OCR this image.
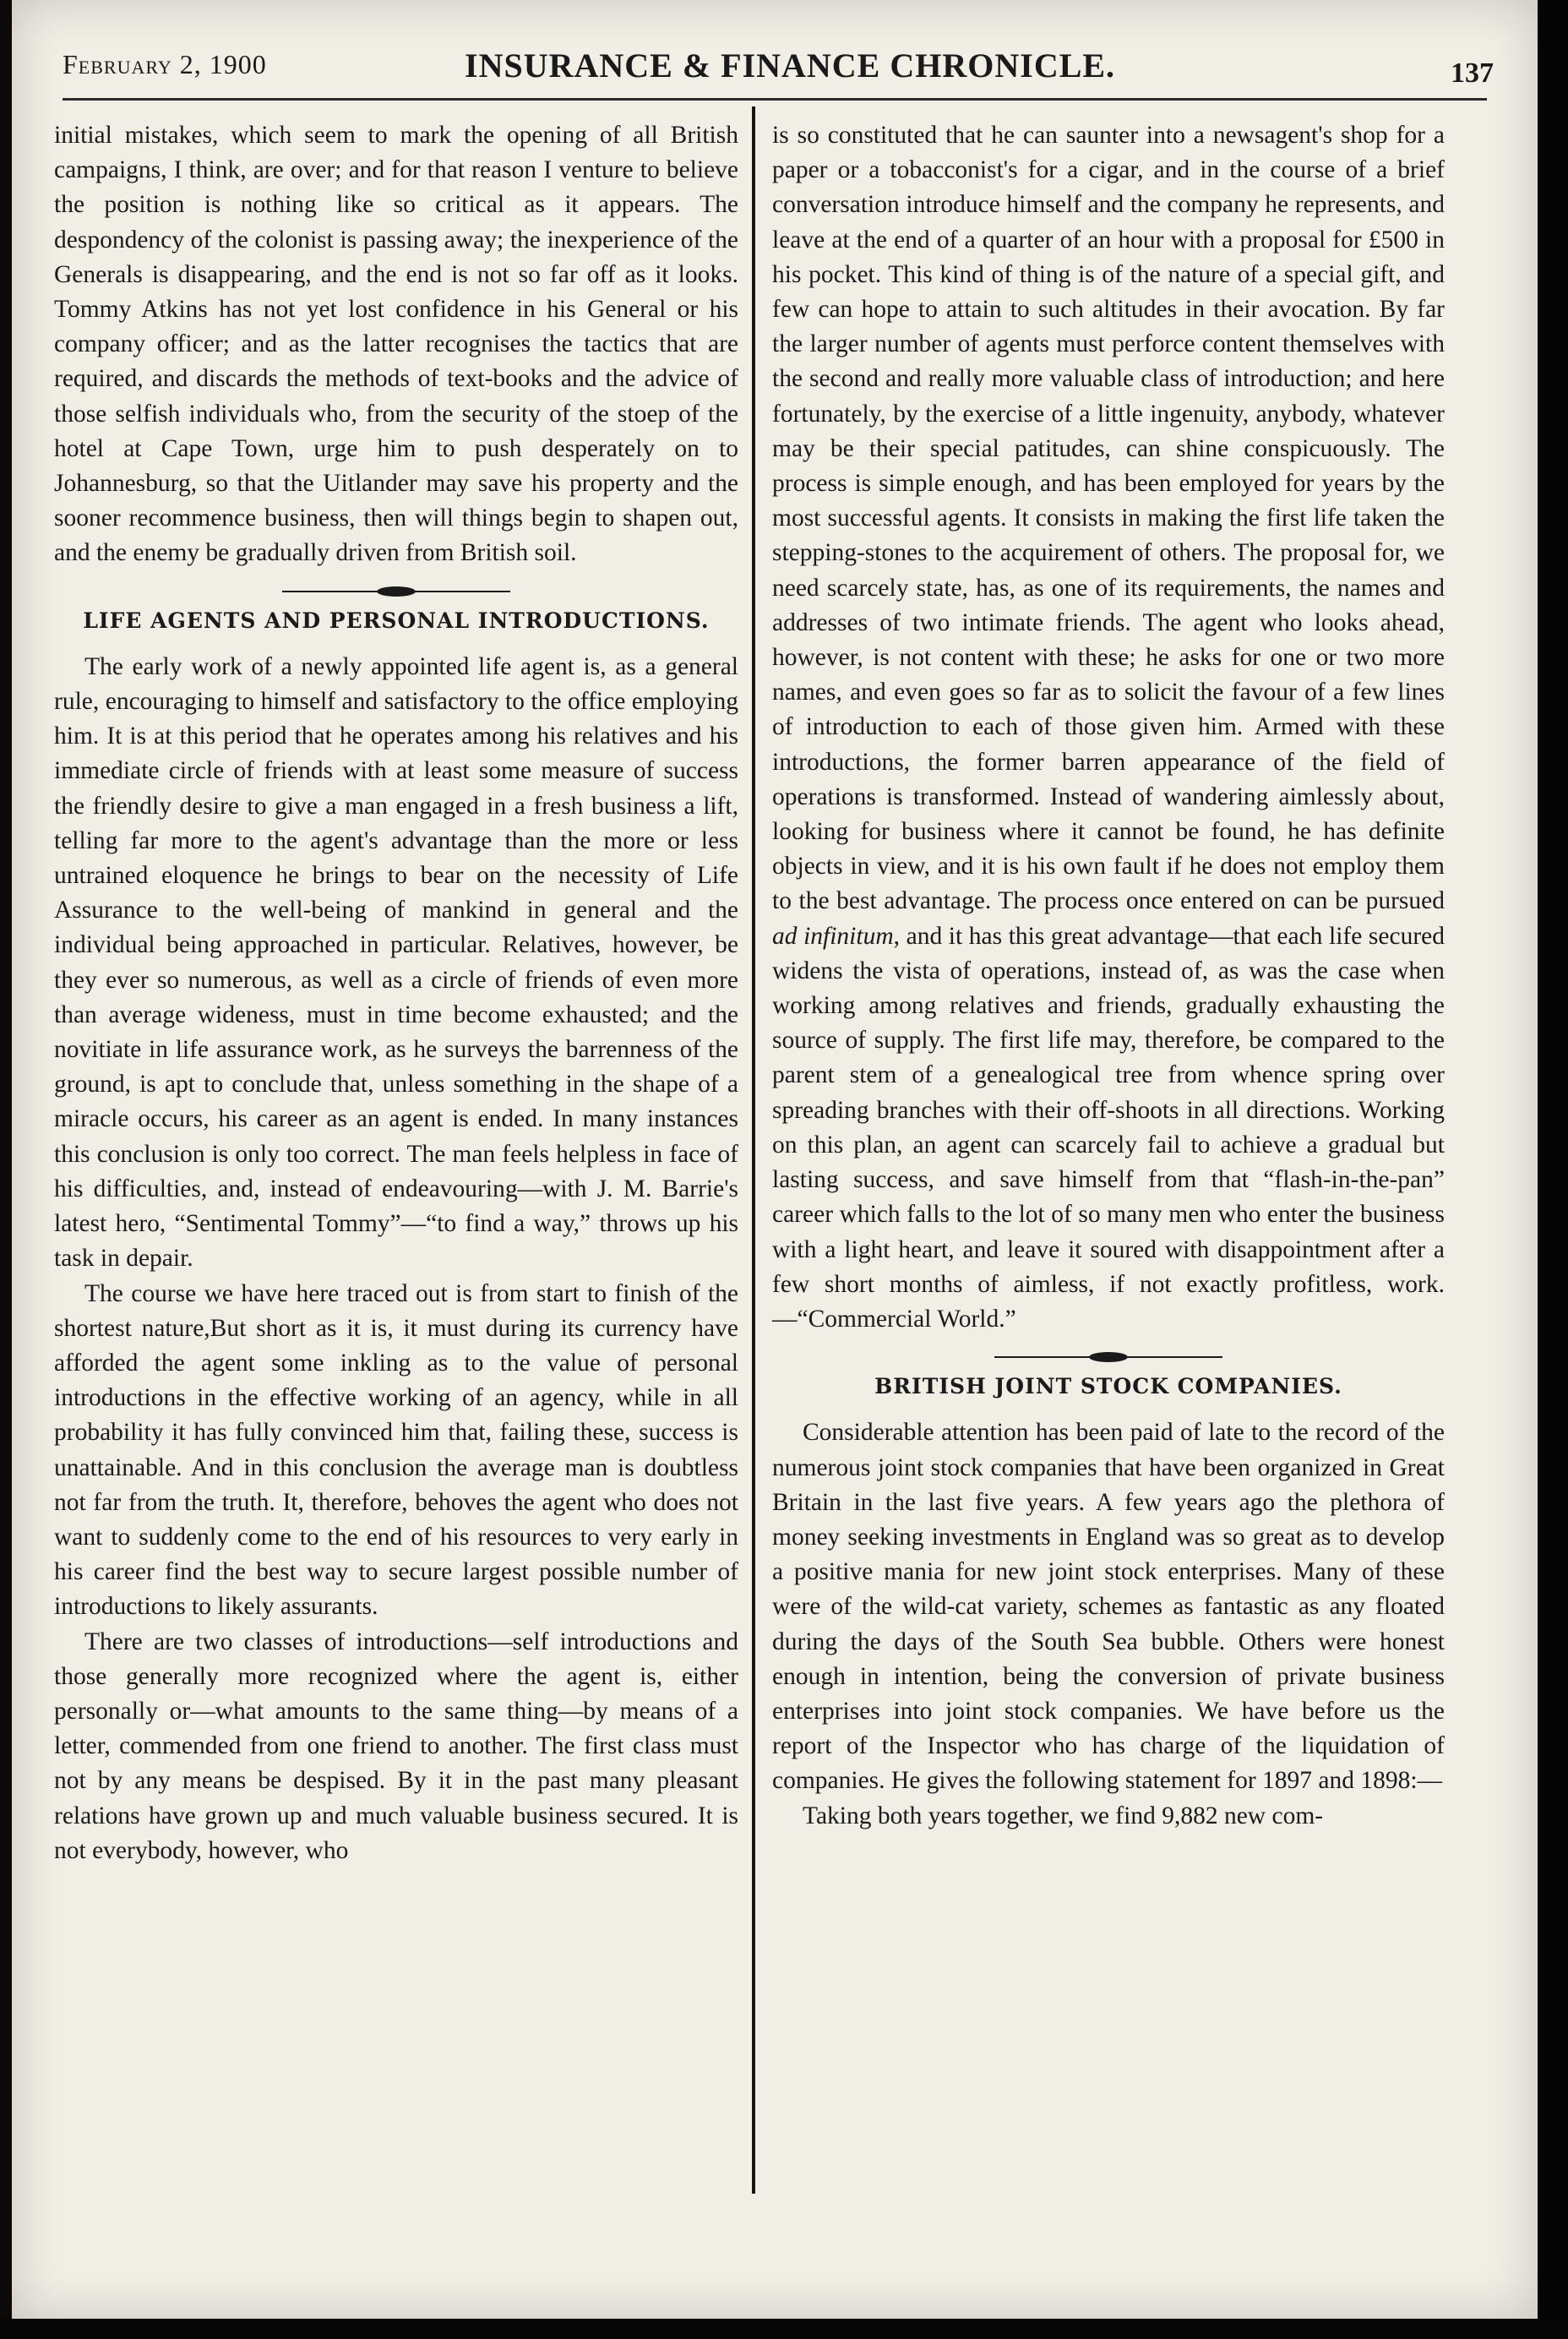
February 2, 1900	INSURANCE & FINANCE CHRONICLE.	137

initial mistakes, which seem to mark the opening of all British campaigns, I think, are over; and for that reason I venture to believe the position is nothing like so critical as it appears. The despondency of the colonist is passing away; the inexperience of the Generals is disappearing, and the end is not so far off as it looks. Tommy Atkins has not yet lost confidence in his General or his company officer; and as the latter recognises the tactics that are required, and discards the methods of text-books and the advice of those selfish individuals who, from the security of the stoep of the hotel at Cape Town, urge him to push desperately on to Johannesburg, so that the Uitlander may save his property and the sooner recommence business, then will things begin to shapen out, and the enemy be gradually driven from British soil.

LIFE AGENTS AND PERSONAL INTRODUCTIONS.

The early work of a newly appointed life agent is, as a general rule, encouraging to himself and satisfactory to the office employing him. It is at this period that he operates among his relatives and his immediate circle of friends with at least some measure of success the friendly desire to give a man engaged in a fresh business a lift, telling far more to the agent's advantage than the more or less untrained eloquence he brings to bear on the necessity of Life Assurance to the well-being of mankind in general and the individual being approached in particular. Relatives, however, be they ever so numerous, as well as a circle of friends of even more than average wideness, must in time become exhausted; and the novitiate in life assurance work, as he surveys the barrenness of the ground, is apt to conclude that, unless something in the shape of a miracle occurs, his career as an agent is ended. In many instances this conclusion is only too correct. The man feels helpless in face of his difficulties, and, instead of endeavouring—with J. M. Barrie's latest hero, “Sentimental Tommy”—“to find a way,” throws up his task in depair.

The course we have here traced out is from start to finish of the shortest nature,But short as it is, it must during its currency have afforded the agent some inkling as to the value of personal introductions in the effective working of an agency, while in all probability it has fully convinced him that, failing these, success is unattainable. And in this conclusion the average man is doubtless not far from the truth. It, therefore, behoves the agent who does not want to suddenly come to the end of his resources to very early in his career find the best way to secure largest possible number of introductions to likely assurants.

There are two classes of introductions—self introductions and those generally more recognized where the agent is, either personally or—what amounts to the same thing—by means of a letter, commended from one friend to another. The first class must not by any means be despised. By it in the past many pleasant relations have grown up and much valuable business secured. It is not everybody, however, who

is so constituted that he can saunter into a newsagent's shop for a paper or a tobacconist's for a cigar, and in the course of a brief conversation introduce himself and the company he represents, and leave at the end of a quarter of an hour with a proposal for £500 in his pocket. This kind of thing is of the nature of a special gift, and few can hope to attain to such altitudes in their avocation. By far the larger number of agents must perforce content themselves with the second and really more valuable class of introduction; and here fortunately, by the exercise of a little ingenuity, anybody, whatever may be their special patitudes, can shine conspicuously. The process is simple enough, and has been employed for years by the most successful agents. It consists in making the first life taken the stepping-stones to the acquirement of others. The proposal for, we need scarcely state, has, as one of its requirements, the names and addresses of two intimate friends. The agent who looks ahead, however, is not content with these; he asks for one or two more names, and even goes so far as to solicit the favour of a few lines of introduction to each of those given him. Armed with these introductions, the former barren appearance of the field of operations is transformed. Instead of wandering aimlessly about, looking for business where it cannot be found, he has definite objects in view, and it is his own fault if he does not employ them to the best advantage. The process once entered on can be pursued ad infinitum, and it has this great advantage—that each life secured widens the vista of operations, instead of, as was the case when working among relatives and friends, gradually exhausting the source of supply. The first life may, therefore, be compared to the parent stem of a genealogical tree from whence spring over spreading branches with their off-shoots in all directions. Working on this plan, an agent can scarcely fail to achieve a gradual but lasting success, and save himself from that “flash-in-the-pan” career which falls to the lot of so many men who enter the business with a light heart, and leave it soured with disappointment after a few short months of aimless, if not exactly profitless, work.—“Commercial World.”

BRITISH JOINT STOCK COMPANIES.

Considerable attention has been paid of late to the record of the numerous joint stock companies that have been organized in Great Britain in the last five years. A few years ago the plethora of money seeking investments in England was so great as to develop a positive mania for new joint stock enterprises. Many of these were of the wild-cat variety, schemes as fantastic as any floated during the days of the South Sea bubble. Others were honest enough in intention, being the conversion of private business enterprises into joint stock companies. We have before us the report of the Inspector who has charge of the liquidation of companies. He gives the following statement for 1897 and 1898:—

Taking both years together, we find 9,882 new com-
